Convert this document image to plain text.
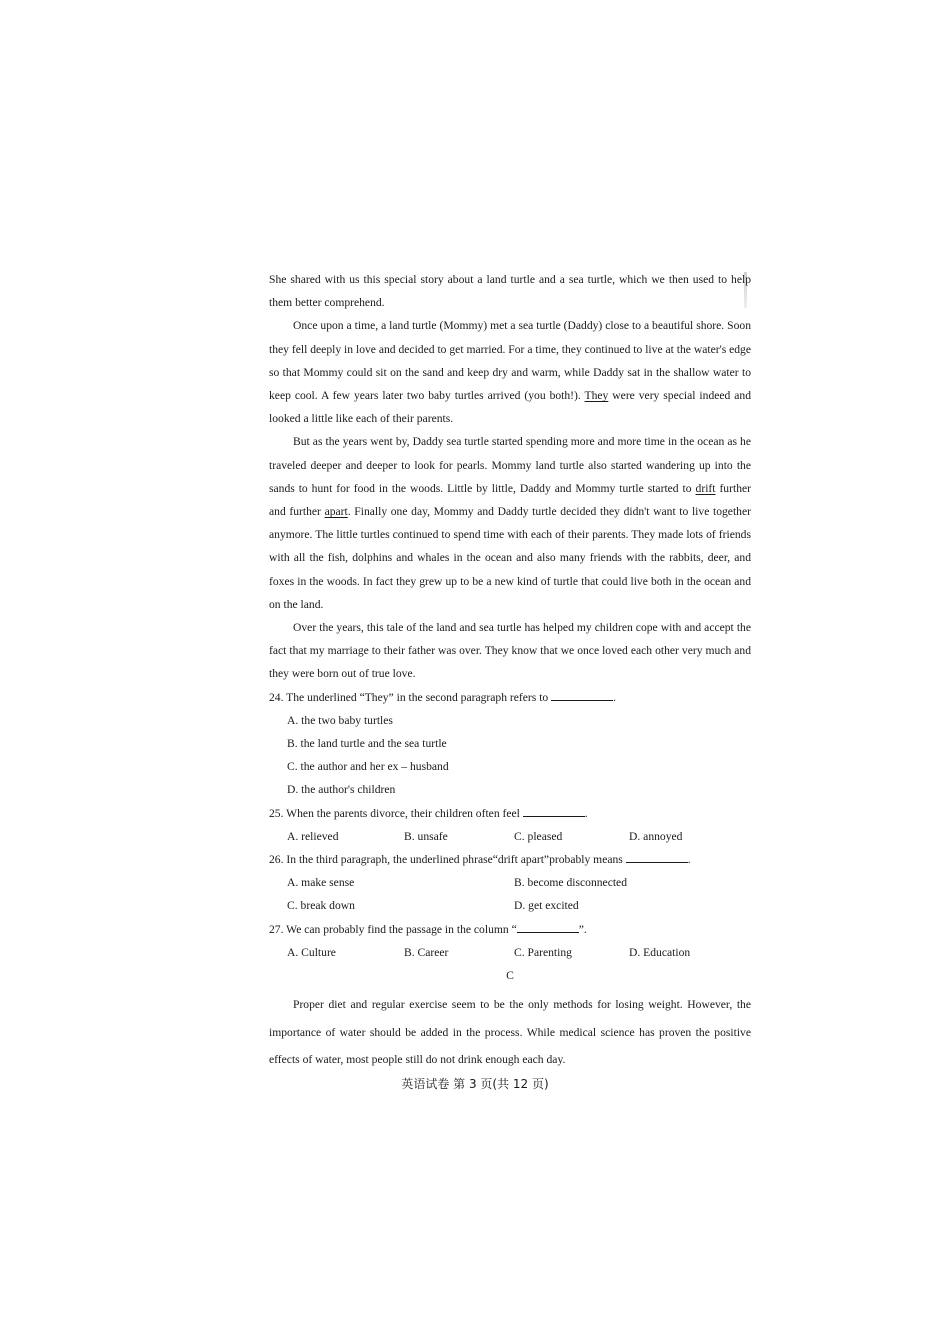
She shared with us this special story about a land turtle and a sea turtle, which we then used to help them better comprehend.

Once upon a time, a land turtle (Mommy) met a sea turtle (Daddy) close to a beautiful shore. Soon they fell deeply in love and decided to get married. For a time, they continued to live at the water's edge so that Mommy could sit on the sand and keep dry and warm, while Daddy sat in the shallow water to keep cool. A few years later two baby turtles arrived (you both!). They were very special indeed and looked a little like each of their parents.

But as the years went by, Daddy sea turtle started spending more and more time in the ocean as he traveled deeper and deeper to look for pearls. Mommy land turtle also started wandering up into the sands to hunt for food in the woods. Little by little, Daddy and Mommy turtle started to drift further and further apart. Finally one day, Mommy and Daddy turtle decided they didn't want to live together anymore. The little turtles continued to spend time with each of their parents. They made lots of friends with all the fish, dolphins and whales in the ocean and also many friends with the rabbits, deer, and foxes in the woods. In fact they grew up to be a new kind of turtle that could live both in the ocean and on the land.

Over the years, this tale of the land and sea turtle has helped my children cope with and accept the fact that my marriage to their father was over. They know that we once loved each other very much and they were born out of true love.

24. The underlined “They” in the second paragraph refers to	.

A. the two baby turtles

B. the land turtle and the sea turtle

C. the author and her ex – husband

D. the author's children

25. When the parents divorce, their children often feel	.

A. relieved	B. unsafe	C. pleased	D. annoyed

26. In the third paragraph, the underlined phrase“drift apart”probably means	.

A. make sense	B. become disconnected
C. break down	D. get excited

27. We can probably find the passage in the column “	”.

A. Culture	B. Career	C. Parenting	D. Education

C

Proper diet and regular exercise seem to be the only methods for losing weight. However, the importance of water should be added in the process. While medical science has proven the positive effects of water, most people still do not drink enough each day.

英语试卷 第 3 页(共 12 页)
